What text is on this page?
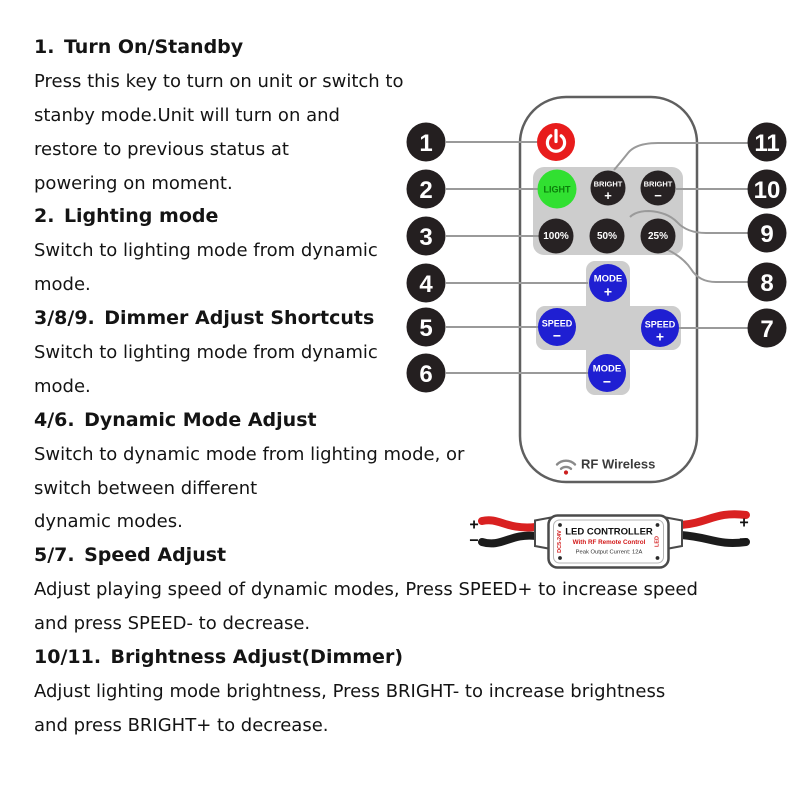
1. Turn On/Standby
Press this key to turn on unit or switch to
stanby mode.Unit will turn on and
restore to previous status at
powering on moment.
2. Lighting mode
Switch to lighting mode from dynamic
mode.
3/8/9. Dimmer Adjust Shortcuts
Switch to lighting mode from dynamic
mode.
4/6. Dynamic Mode Adjust
Switch to dynamic mode from lighting mode, or
switch between different
dynamic modes.
5/7. Speed Adjust
Adjust playing speed of dynamic modes, Press SPEED+ to increase speed
and press SPEED- to decrease.
10/11. Brightness Adjust(Dimmer)
Adjust lighting mode brightness, Press BRIGHT- to increase brightness
and press BRIGHT+ to decrease.
LIGHT
BRIGHT
+
BRIGHT
−
100%	50%	25%
MODE
+
SPEED
−
SPEED
+
MODE
−
RF Wireless
1
2
3
4
5
6
11
10
9
8
7
+
−
+
−
LED CONTROLLER
With RF Remote Control
Peak Output Current: 12A
DC5-24V	LED
